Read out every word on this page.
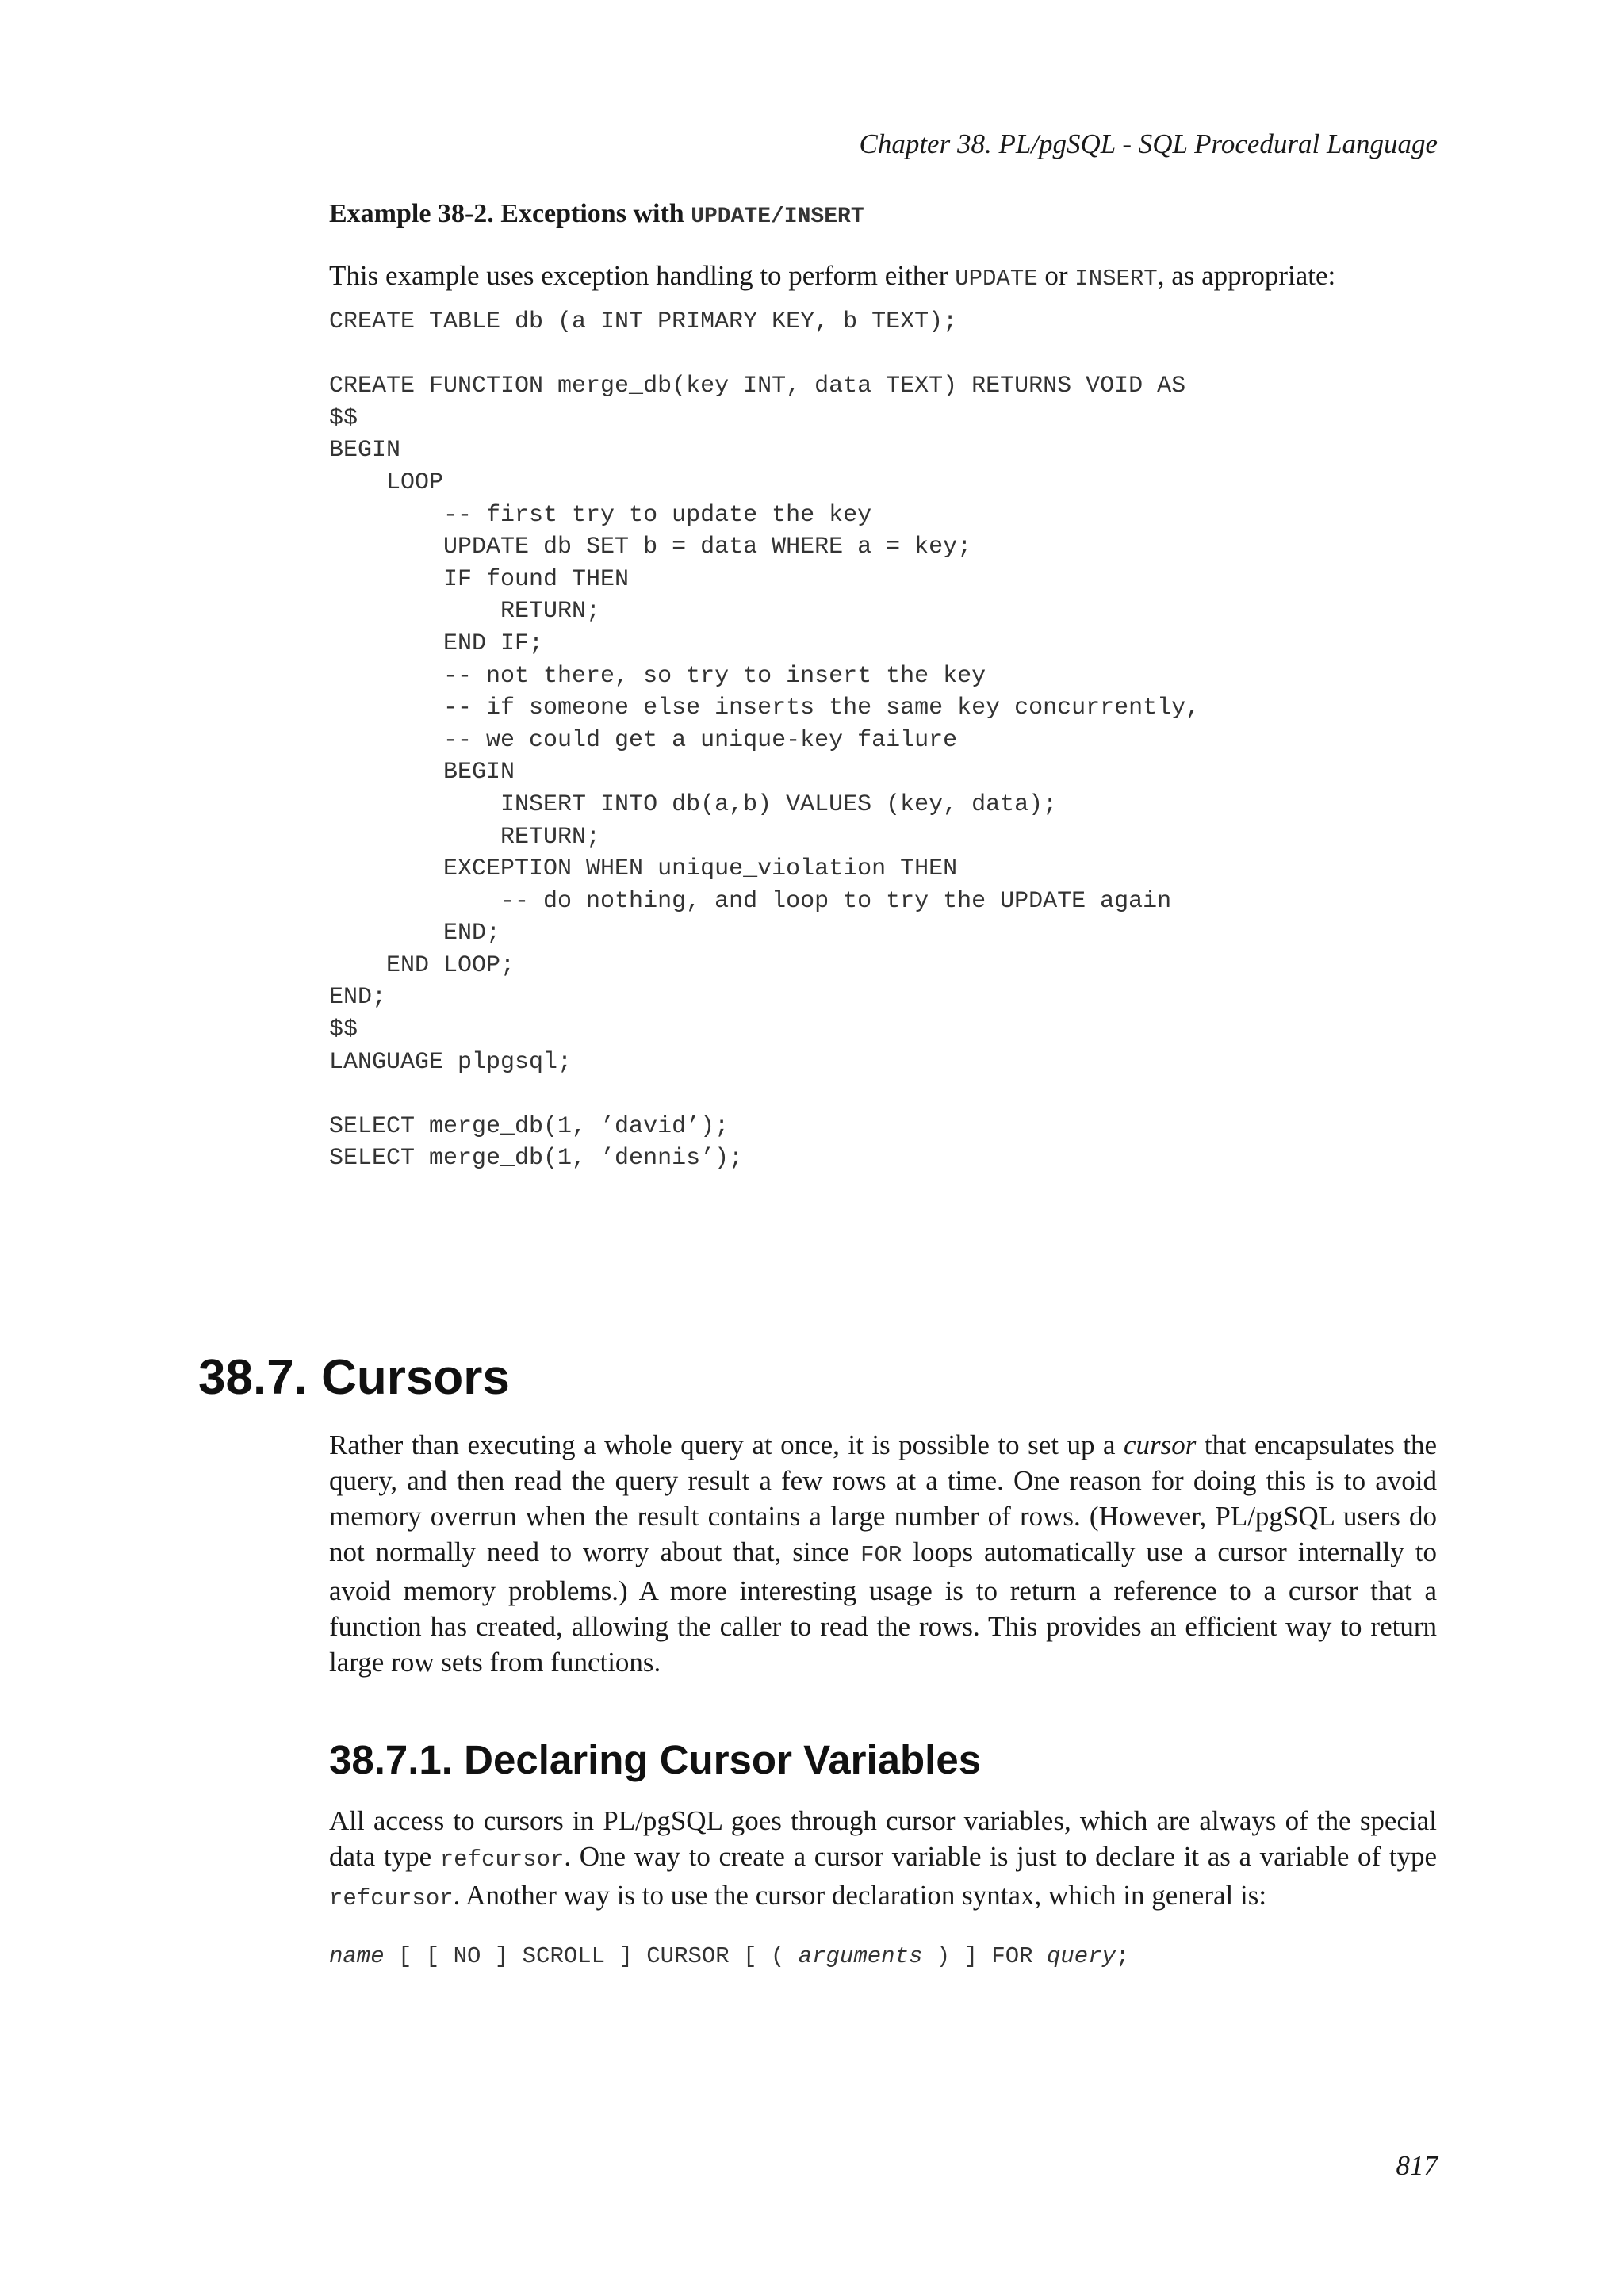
Chapter 38. PL/pgSQL - SQL Procedural Language
Example 38-2. Exceptions with UPDATE/INSERT
This example uses exception handling to perform either UPDATE or INSERT, as appropriate:
CREATE TABLE db (a INT PRIMARY KEY, b TEXT);

CREATE FUNCTION merge_db(key INT, data TEXT) RETURNS VOID AS
$$
BEGIN
LOOP
-- first try to update the key
UPDATE db SET b = data WHERE a = key;
IF found THEN
RETURN;
END IF;
-- not there, so try to insert the key
-- if someone else inserts the same key concurrently,
-- we could get a unique-key failure
BEGIN
INSERT INTO db(a,b) VALUES (key, data);
RETURN;
EXCEPTION WHEN unique_violation THEN
-- do nothing, and loop to try the UPDATE again
END;
END LOOP;
END;
$$
LANGUAGE plpgsql;

SELECT merge_db(1, ’david’);
SELECT merge_db(1, ’dennis’);
38.7. Cursors

Rather than executing a whole query at once, it is possible to set up a cursor that encapsulates the query, and then read the query result a few rows at a time. One reason for doing this is to avoid memory overrun when the result contains a large number of rows. (However, PL/pgSQL users do not normally need to worry about that, since FOR loops automatically use a cursor internally to avoid memory problems.) A more interesting usage is to return a reference to a cursor that a function has created, allowing the caller to read the rows. This provides an efficient way to return large row sets from functions.

38.7.1. Declaring Cursor Variables

All access to cursors in PL/pgSQL goes through cursor variables, which are always of the special data type refcursor. One way to create a cursor variable is just to declare it as a variable of type refcursor. Another way is to use the cursor declaration syntax, which in general is:

name [ [ NO ] SCROLL ] CURSOR [ ( arguments ) ] FOR query;
817
